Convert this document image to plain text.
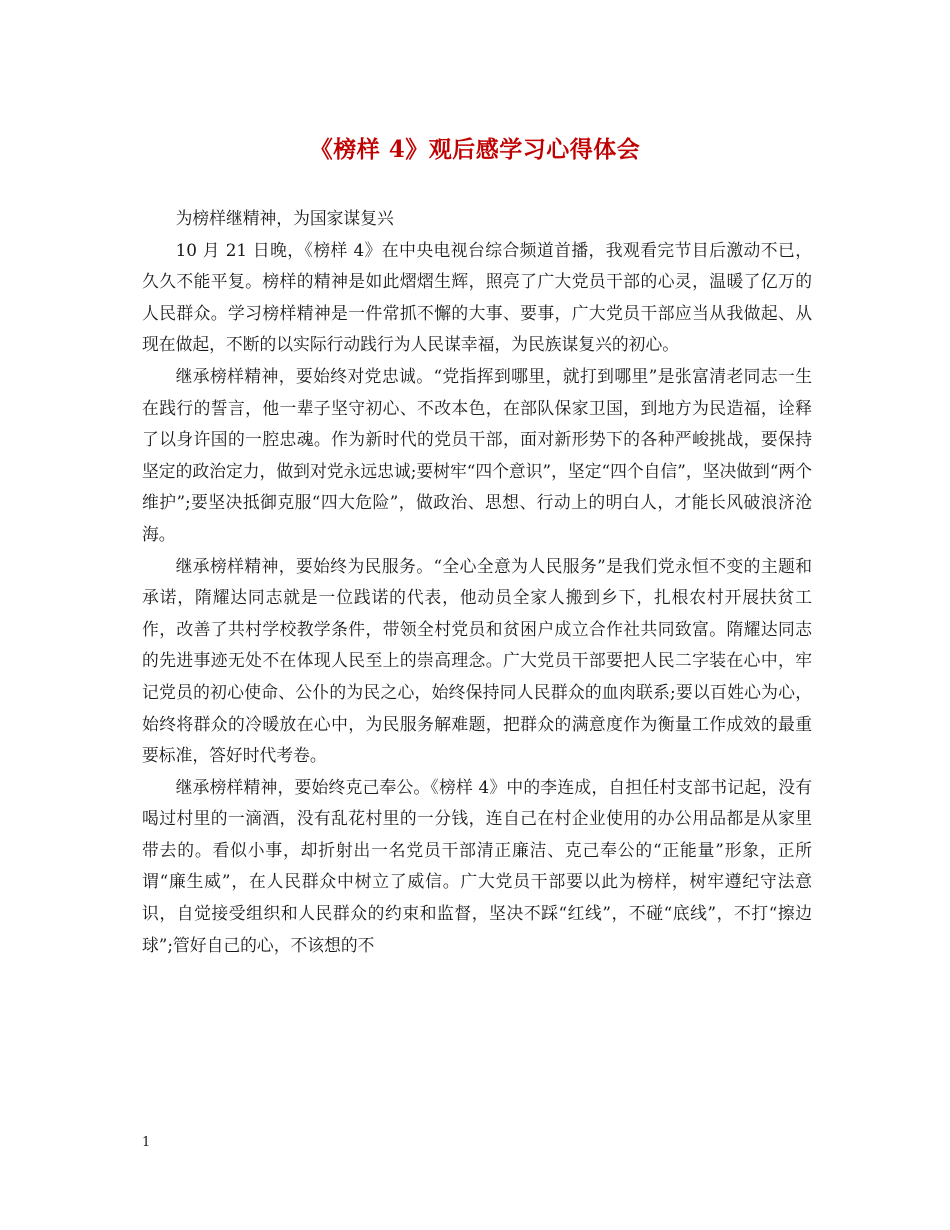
《榜样 4》观后感学习心得体会

为榜样继精神，为国家谋复兴

10 月 21 日晚，《榜样 4》在中央电视台综合频道首播，我观看完节目后激动不已，久久不能平复。榜样的精神是如此熠熠生辉，照亮了广大党员干部的心灵，温暖了亿万的人民群众。学习榜样精神是一件常抓不懈的大事、要事，广大党员干部应当从我做起、从现在做起，不断的以实际行动践行为人民谋幸福，为民族谋复兴的初心。

继承榜样精神，要始终对党忠诚。“党指挥到哪里，就打到哪里”是张富清老同志一生在践行的誓言，他一辈子坚守初心、不改本色，在部队保家卫国，到地方为民造福，诠释了以身许国的一腔忠魂。作为新时代的党员干部，面对新形势下的各种严峻挑战，要保持坚定的政治定力，做到对党永远忠诚;要树牢“四个意识”，坚定“四个自信”，坚决做到“两个维护”;要坚决抵御克服“四大危险”，做政治、思想、行动上的明白人，才能长风破浪济沧海。

继承榜样精神，要始终为民服务。“全心全意为人民服务”是我们党永恒不变的主题和承诺，隋耀达同志就是一位践诺的代表，他动员全家人搬到乡下，扎根农村开展扶贫工作，改善了共村学校教学条件，带领全村党员和贫困户成立合作社共同致富。隋耀达同志的先进事迹无处不在体现人民至上的崇高理念。广大党员干部要把人民二字装在心中，牢记党员的初心使命、公仆的为民之心，始终保持同人民群众的血肉联系;要以百姓心为心，始终将群众的冷暖放在心中，为民服务解难题，把群众的满意度作为衡量工作成效的最重要标准，答好时代考卷。

继承榜样精神，要始终克己奉公。《榜样 4》中的李连成，自担任村支部书记起，没有喝过村里的一滴酒，没有乱花村里的一分钱，连自己在村企业使用的办公用品都是从家里带去的。看似小事，却折射出一名党员干部清正廉洁、克己奉公的“正能量”形象，正所谓“廉生威”，在人民群众中树立了威信。广大党员干部要以此为榜样，树牢遵纪守法意识，自觉接受组织和人民群众的约束和监督，坚决不踩“红线”，不碰“底线”，不打“擦边球”;管好自己的心，不该想的不

1
